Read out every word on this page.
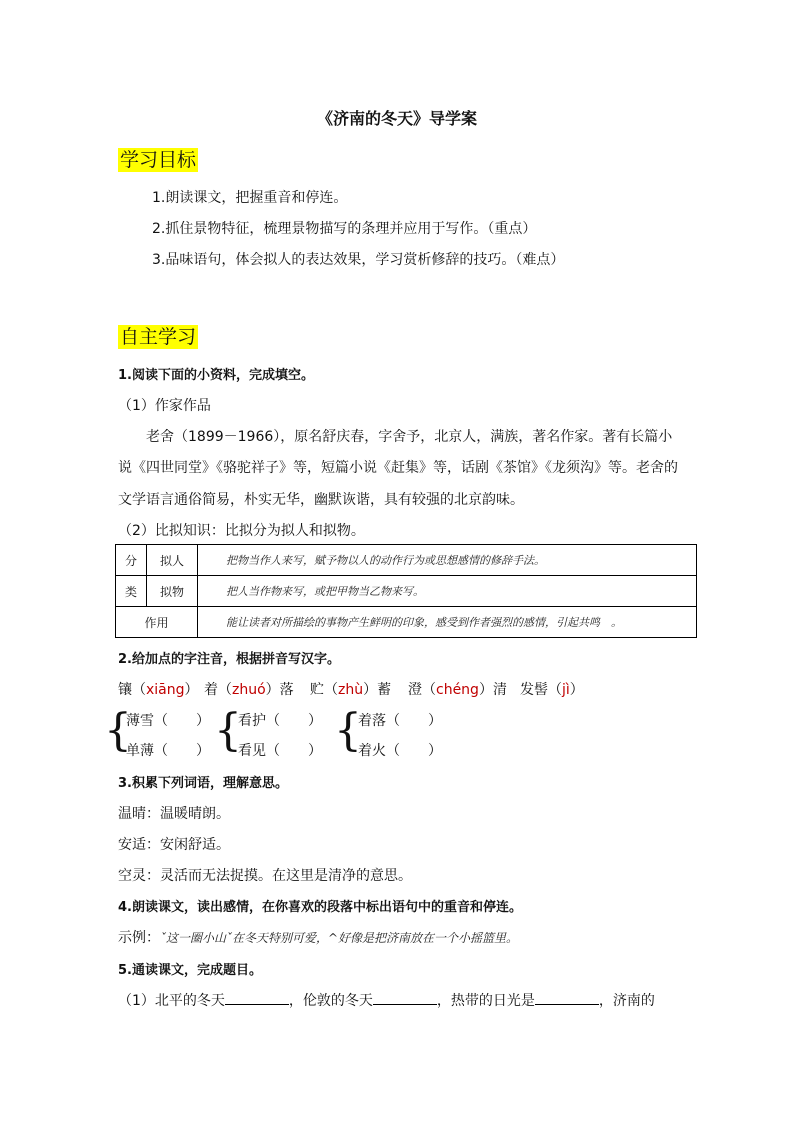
《济南的冬天》导学案
学习目标
1.朗读课文，把握重音和停连。
2.抓住景物特征，梳理景物描写的条理并应用于写作。（重点）
3.品味语句，体会拟人的表达效果，学习赏析修辞的技巧。（难点）
自主学习
1.阅读下面的小资料，完成填空。
（1）作家作品
老舍（1899－1966），原名舒庆春，字舍予，北京人，满族，著名作家。著有长篇小
说《四世同堂》《骆驼祥子》等，短篇小说《赶集》等，话剧《茶馆》《龙须沟》等。老舍的
文学语言通俗简易，朴实无华，幽默诙谐，具有较强的北京韵味。
（2）比拟知识：比拟分为拟人和拟物。
分	拟人	把物当作人来写，赋予物以人的动作行为或思想感情的修辞手法。
类	拟物	把人当作物来写，或把甲物当乙物来写。
作用		能让读者对所描绘的事物产生鲜明的印象，感受到作者强烈的感情，引起共鸣　。
2.给加点的字注音，根据拼音写汉字。
镶（xiāng） 着（zhuó）落 贮（zhù）蓄 澄（chéng）清 发髻（jì）
{
薄雪（　　）
单薄（　　） {
看护（　　）
看见（　　） {
着落（　　）
着火（　　）
3.积累下列词语，理解意思。
温晴：温暖晴朗。
安适：安闲舒适。
空灵：灵活而无法捉摸。在这里是清净的意思。
4.朗读课文，读出感情，在你喜欢的段落中标出语句中的重音和停连。
示例：ˇ这一圈小山ˇ在冬天特别可爱，^好像是把济南放在一个小摇篮里。
5.通读课文，完成题目。
（1）北平的冬天	，伦敦的冬天	，热带的日光是	，济南的
